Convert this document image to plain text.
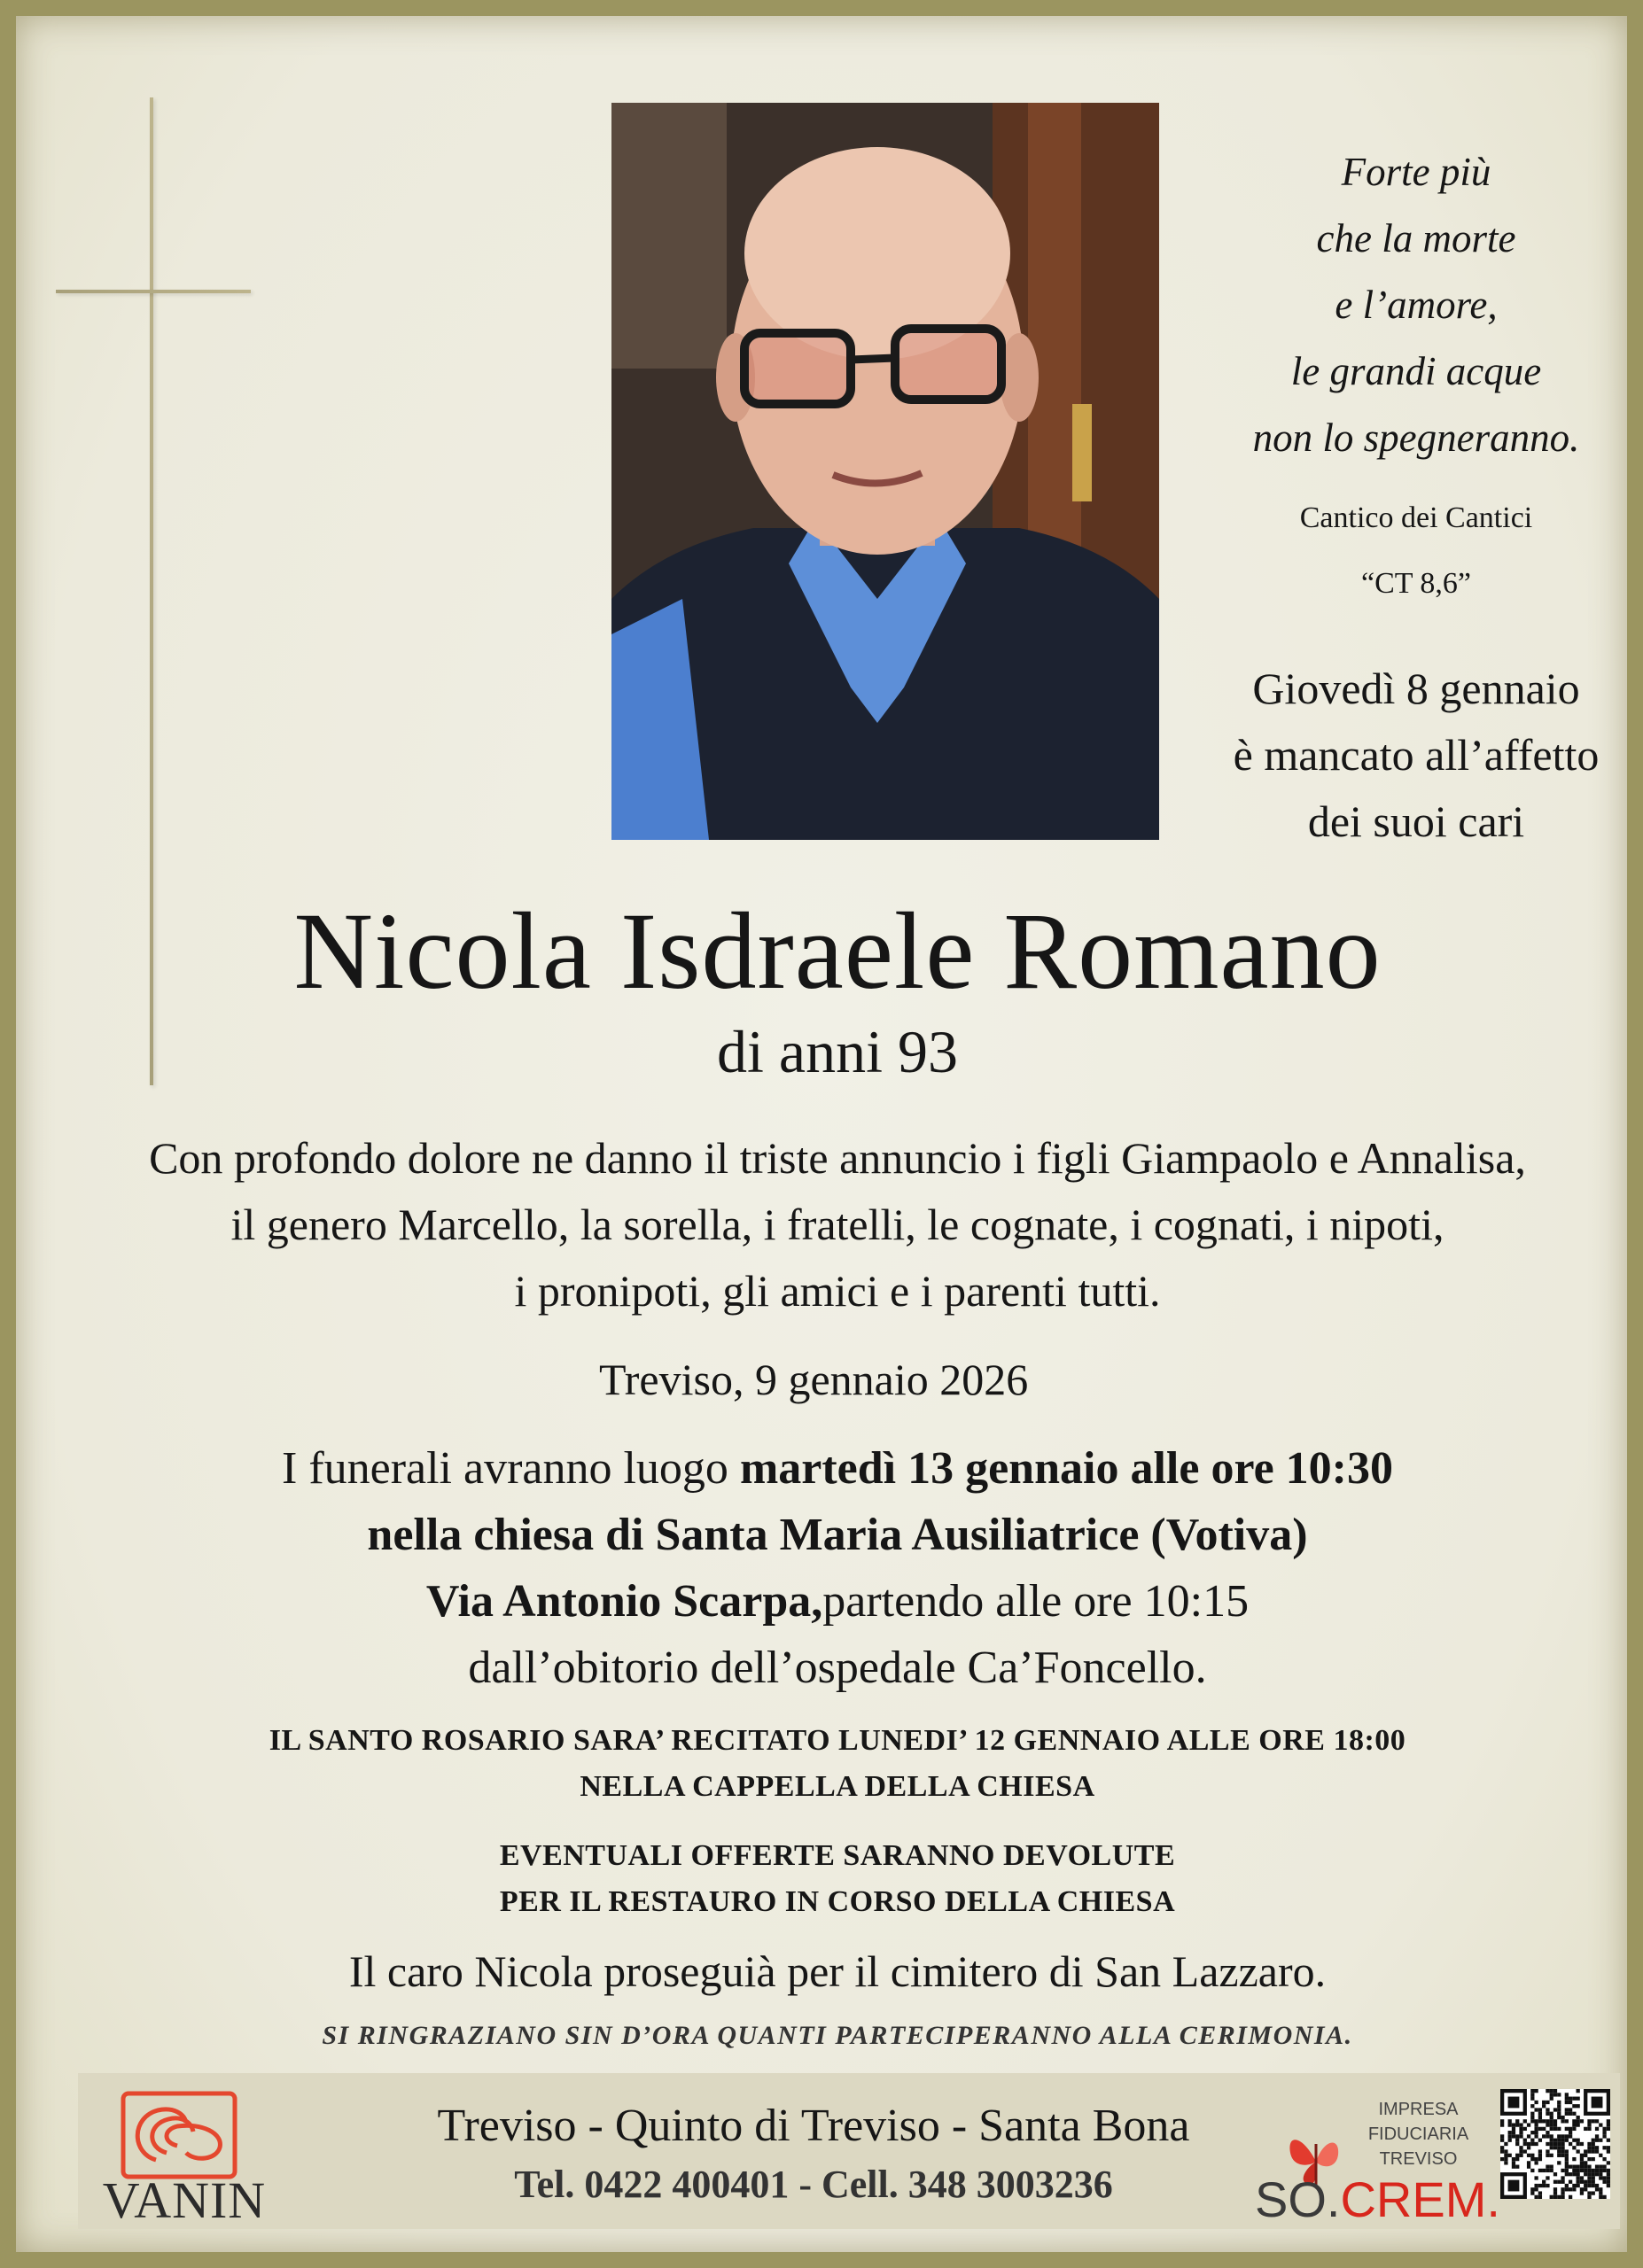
Forte più
che la morte
e l’amore,
le grandi acque
non lo spegneranno.
Cantico dei Cantici
“CT 8,6”
Giovedì 8 gennaio
è mancato all’affetto
dei suoi cari
Nicola Isdraele Romano
di anni 93
Con profondo dolore ne danno il triste annuncio i figli Giampaolo e Annalisa,
il genero Marcello, la sorella, i fratelli, le cognate, i cognati, i nipoti,
i pronipoti, gli amici e i parenti tutti.
Treviso, 9 gennaio 2026
I funerali avranno luogo martedì 13 gennaio alle ore 10:30
nella chiesa di Santa Maria Ausiliatrice (Votiva)
Via Antonio Scarpa,partendo alle ore 10:15
dall’obitorio dell’ospedale Ca’Foncello.
IL SANTO ROSARIO SARA’ RECITATO LUNEDI’ 12 GENNAIO ALLE ORE 18:00
NELLA CAPPELLA DELLA CHIESA
EVENTUALI OFFERTE SARANNO DEVOLUTE
PER IL RESTAURO IN CORSO DELLA CHIESA
Il caro Nicola proseguià per il cimitero di San Lazzaro.
SI RINGRAZIANO SIN D’ORA QUANTI PARTECIPERANNO ALLA CERIMONIA.
VANIN
Treviso - Quinto di Treviso - Santa Bona
Tel. 0422 400401 - Cell. 348 3003236
IMPRESA
FIDUCIARIA
TREVISO
SO.CREM.
